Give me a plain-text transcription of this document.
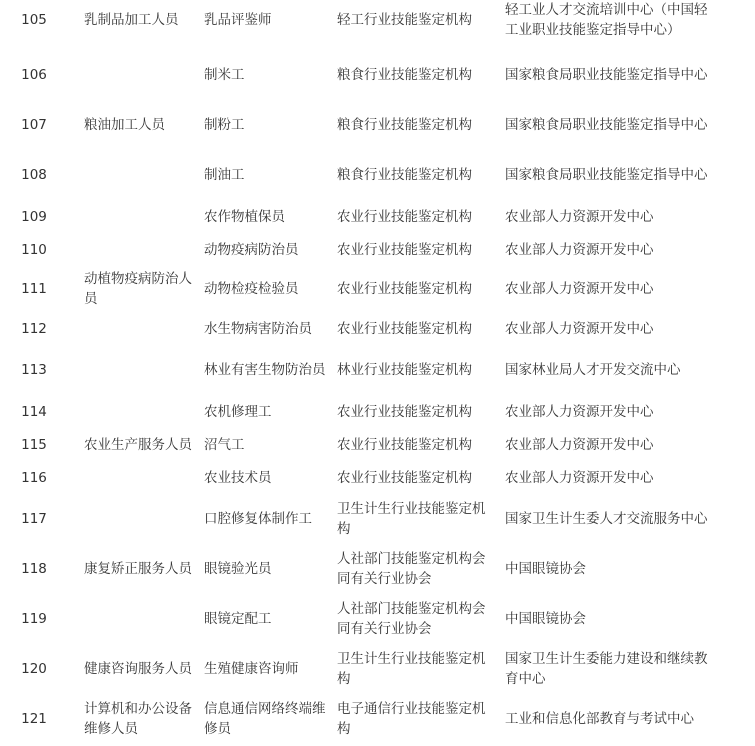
105	乳制品加工人员	乳品评鉴师	轻工行业技能鉴定机构	轻工业人才交流培训中心（中国轻工业职业技能鉴定指导中心）
106		制米工	粮食行业技能鉴定机构	国家粮食局职业技能鉴定指导中心
107	粮油加工人员	制粉工	粮食行业技能鉴定机构	国家粮食局职业技能鉴定指导中心
108		制油工	粮食行业技能鉴定机构	国家粮食局职业技能鉴定指导中心
109		农作物植保员	农业行业技能鉴定机构	农业部人力资源开发中心
110		动物疫病防治员	农业行业技能鉴定机构	农业部人力资源开发中心
111	动植物疫病防治人员	动物检疫检验员	农业行业技能鉴定机构	农业部人力资源开发中心
112		水生物病害防治员	农业行业技能鉴定机构	农业部人力资源开发中心
113		林业有害生物防治员	林业行业技能鉴定机构	国家林业局人才开发交流中心
114		农机修理工	农业行业技能鉴定机构	农业部人力资源开发中心
115	农业生产服务人员	沼气工	农业行业技能鉴定机构	农业部人力资源开发中心
116		农业技术员	农业行业技能鉴定机构	农业部人力资源开发中心
117		口腔修复体制作工	卫生计生行业技能鉴定机构	国家卫生计生委人才交流服务中心
118	康复矫正服务人员	眼镜验光员	人社部门技能鉴定机构会同有关行业协会	中国眼镜协会
119		眼镜定配工	人社部门技能鉴定机构会同有关行业协会	中国眼镜协会
120	健康咨询服务人员	生殖健康咨询师	卫生计生行业技能鉴定机构	国家卫生计生委能力建设和继续教育中心
121	计算机和办公设备维修人员	信息通信网络终端维修员	电子通信行业技能鉴定机构	工业和信息化部教育与考试中心
